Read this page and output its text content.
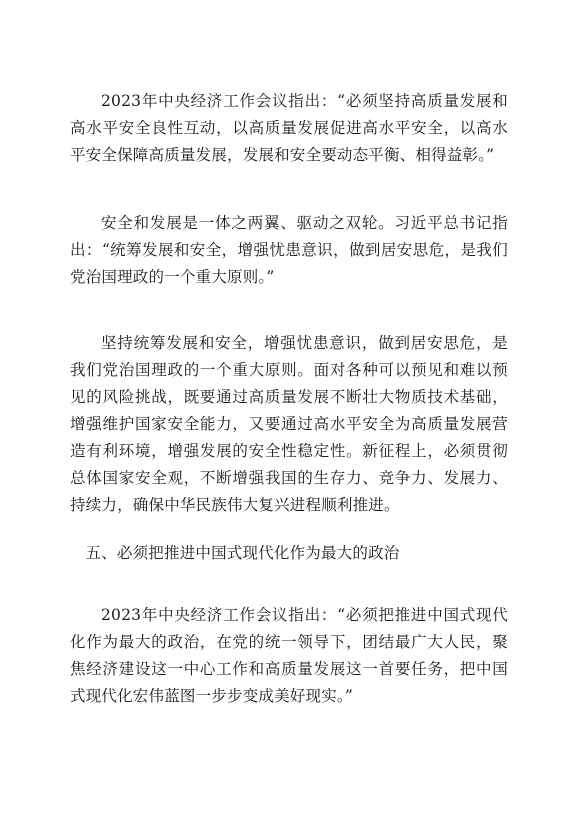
2023年中央经济工作会议指出：“必须坚持高质量发展和高水平安全良性互动，以高质量发展促进高水平安全，以高水平安全保障高质量发展，发展和安全要动态平衡、相得益彰。”

安全和发展是一体之两翼、驱动之双轮。习近平总书记指出：“统筹发展和安全，增强忧患意识，做到居安思危，是我们党治国理政的一个重大原则。”

坚持统筹发展和安全，增强忧患意识，做到居安思危，是我们党治国理政的一个重大原则。面对各种可以预见和难以预见的风险挑战，既要通过高质量发展不断壮大物质技术基础，增强维护国家安全能力，又要通过高水平安全为高质量发展营造有利环境，增强发展的安全性稳定性。新征程上，必须贯彻总体国家安全观，不断增强我国的生存力、竞争力、发展力、持续力，确保中华民族伟大复兴进程顺利推进。

五、必须把推进中国式现代化作为最大的政治

2023年中央经济工作会议指出：“必须把推进中国式现代化作为最大的政治，在党的统一领导下，团结最广大人民，聚焦经济建设这一中心工作和高质量发展这一首要任务，把中国式现代化宏伟蓝图一步步变成美好现实。”
